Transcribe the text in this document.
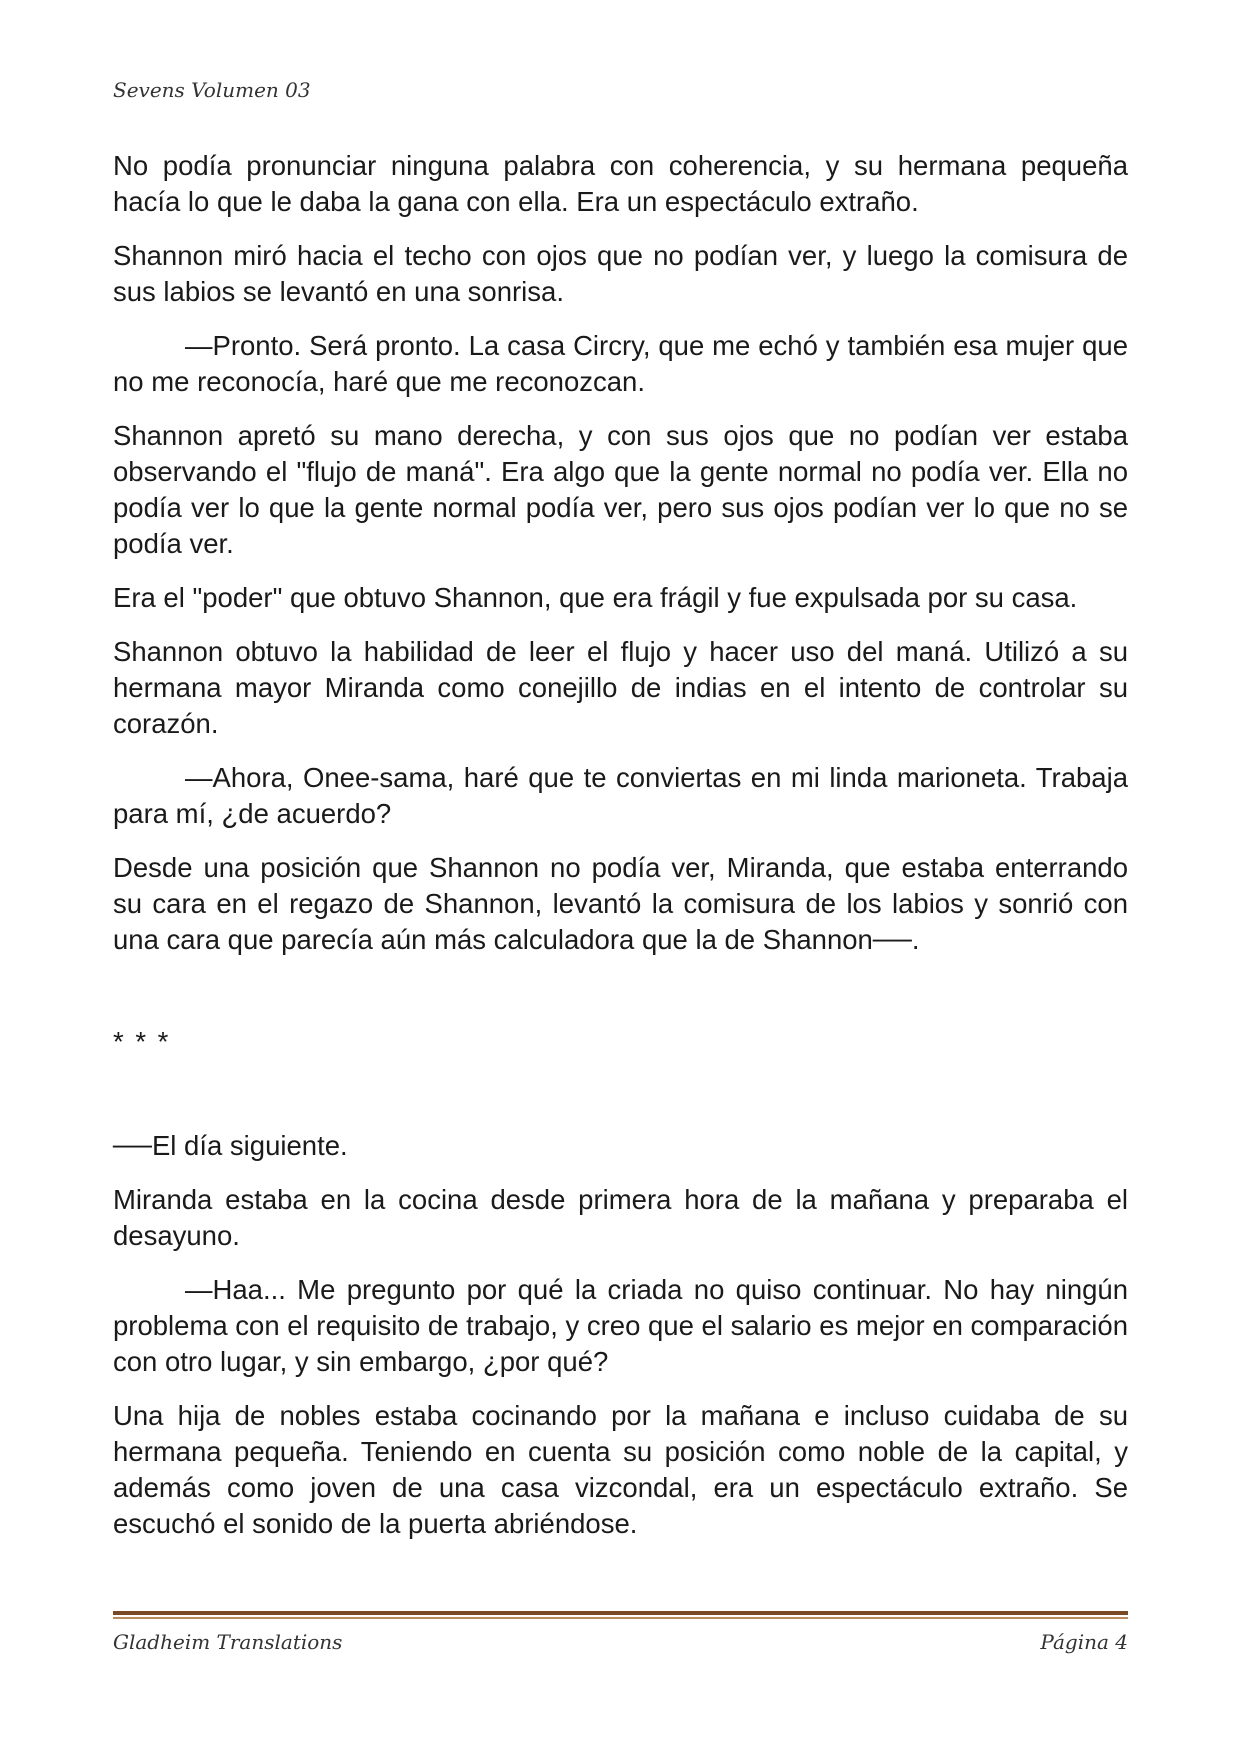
Sevens Volumen 03

No podía pronunciar ninguna palabra con coherencia, y su hermana pequeña hacía lo que le daba la gana con ella. Era un espectáculo extraño.

Shannon miró hacia el techo con ojos que no podían ver, y luego la comisura de sus labios se levantó en una sonrisa.

—Pronto. Será pronto. La casa Circry, que me echó y también esa mujer que no me reconocía, haré que me reconozcan.

Shannon apretó su mano derecha, y con sus ojos que no podían ver estaba observando el "flujo de maná". Era algo que la gente normal no podía ver. Ella no podía ver lo que la gente normal podía ver, pero sus ojos podían ver lo que no se podía ver.

Era el "poder" que obtuvo Shannon, que era frágil y fue expulsada por su casa.

Shannon obtuvo la habilidad de leer el flujo y hacer uso del maná. Utilizó a su hermana mayor Miranda como conejillo de indias en el intento de controlar su corazón.

—Ahora, Onee-sama, haré que te conviertas en mi linda marioneta. Trabaja para mí, ¿de acuerdo?

Desde una posición que Shannon no podía ver, Miranda, que estaba enterrando su cara en el regazo de Shannon, levantó la comisura de los labios y sonrió con una cara que parecía aún más calculadora que la de Shannon──.

* * *

──El día siguiente.

Miranda estaba en la cocina desde primera hora de la mañana y preparaba el desayuno.

—Haa... Me pregunto por qué la criada no quiso continuar. No hay ningún problema con el requisito de trabajo, y creo que el salario es mejor en comparación con otro lugar, y sin embargo, ¿por qué?

Una hija de nobles estaba cocinando por la mañana e incluso cuidaba de su hermana pequeña. Teniendo en cuenta su posición como noble de la capital, y además como joven de una casa vizcondal, era un espectáculo extraño. Se escuchó el sonido de la puerta abriéndose.

Gladheim Translations	Página 4
